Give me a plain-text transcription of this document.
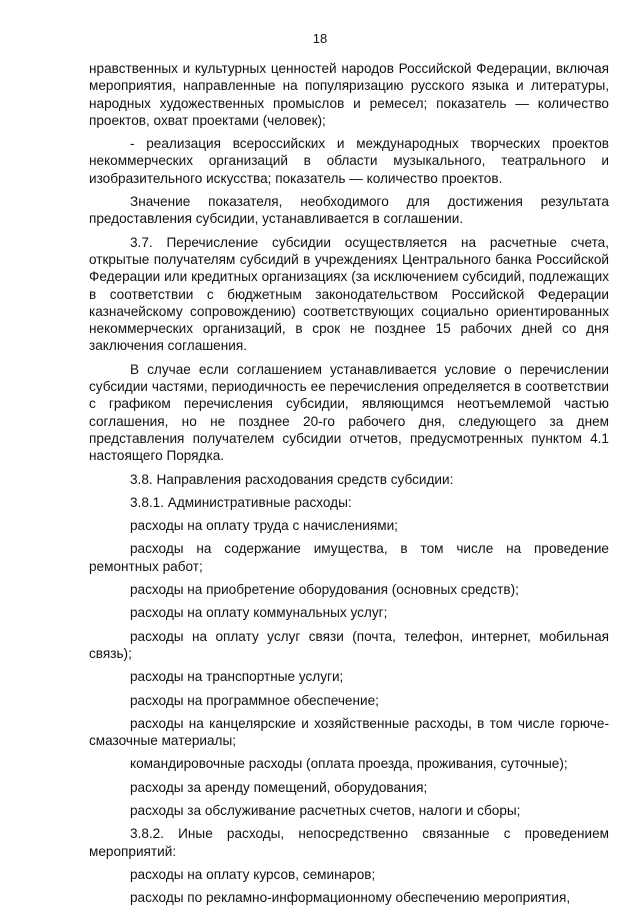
18

нравственных и культурных ценностей народов Российской Федерации, включая мероприятия, направленные на популяризацию русского языка и литературы, народных художественных промыслов и ремесел; показатель — количество проектов, охват проектами (человек);

- реализация всероссийских и международных творческих проектов некоммерческих организаций в области музыкального, театрального и изобразительного искусства; показатель — количество проектов.

Значение показателя, необходимого для достижения результата предоставления субсидии, устанавливается в соглашении.

3.7. Перечисление субсидии осуществляется на расчетные счета, открытые получателям субсидий в учреждениях Центрального банка Российской Федерации или кредитных организациях (за исключением субсидий, подлежащих в соответствии с бюджетным законодательством Российской Федерации казначейскому сопровождению) соответствующих социально ориентированных некоммерческих организаций, в срок не позднее 15 рабочих дней со дня заключения соглашения.

В случае если соглашением устанавливается условие о перечислении субсидии частями, периодичность ее перечисления определяется в соответствии с графиком перечисления субсидии, являющимся неотъемлемой частью соглашения, но не позднее 20-го рабочего дня, следующего за днем представления получателем субсидии отчетов, предусмотренных пунктом 4.1 настоящего Порядка.

3.8. Направления расходования средств субсидии:

3.8.1. Административные расходы:

расходы на оплату труда с начислениями;

расходы на содержание имущества, в том числе на проведение ремонтных работ;

расходы на приобретение оборудования (основных средств);

расходы на оплату коммунальных услуг;

расходы на оплату услуг связи (почта, телефон, интернет, мобильная связь);

расходы на транспортные услуги;

расходы на программное обеспечение;

расходы на канцелярские и хозяйственные расходы, в том числе горюче-смазочные материалы;

командировочные расходы (оплата проезда, проживания, суточные);

расходы за аренду помещений, оборудования;

расходы за обслуживание расчетных счетов, налоги и сборы;

3.8.2. Иные расходы, непосредственно связанные с проведением мероприятий:

расходы на оплату курсов, семинаров;

расходы по рекламно-информационному обеспечению мероприятия,
